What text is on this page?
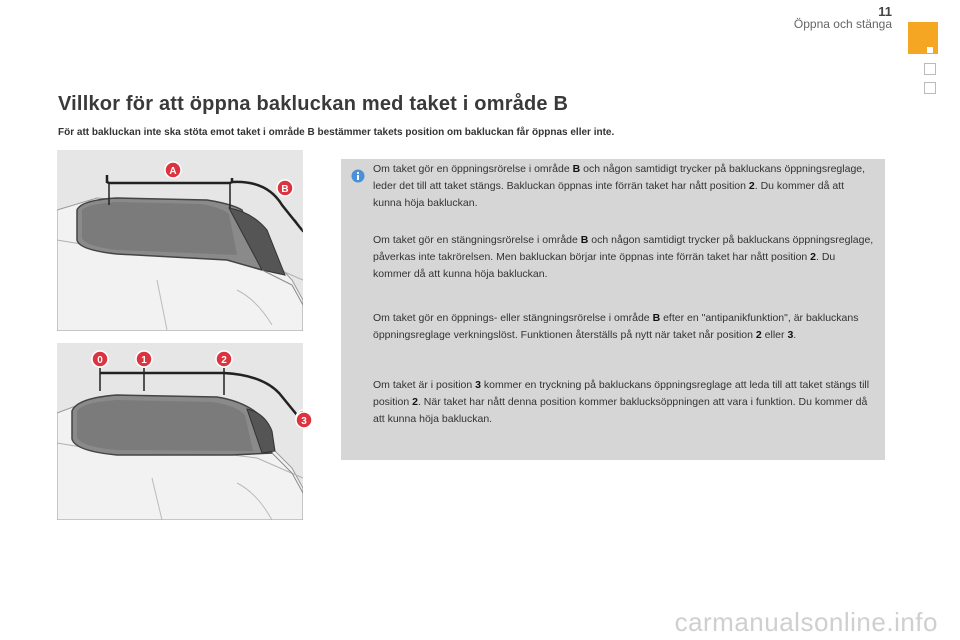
11
Öppna och stänga
Villkor för att öppna bakluckan med taket i område B

För att bakluckan inte ska stöta emot taket i område B bestämmer takets position om bakluckan får öppnas eller inte.

A
B
0	1	2
3

Om taket gör en öppningsrörelse i område B och någon samtidigt trycker på bakluckans öppningsreglage, leder det till att taket stängs. Bakluckan öppnas inte förrän taket har nått position 2. Du kommer då att kunna höja bakluckan.

Om taket gör en stängningsrörelse i område B och någon samtidigt trycker på bakluckans öppningsreglage, påverkas inte takrörelsen. Men bakluckan börjar inte öppnas inte förrän taket har nått position 2. Du kommer då att kunna höja bakluckan.

Om taket gör en öppnings- eller stängningsrörelse i område B efter en "antipanikfunktion", är bakluckans öppningsreglage verkningslöst. Funktionen återställs på nytt när taket når position 2 eller 3.

Om taket är i position 3 kommer en tryckning på bakluckans öppningsreglage att leda till att taket stängs till position 2. När taket har nått denna position kommer baklucksöppningen att vara i funktion. Du kommer då att kunna höja bakluckan.

carmanualsonline.info
